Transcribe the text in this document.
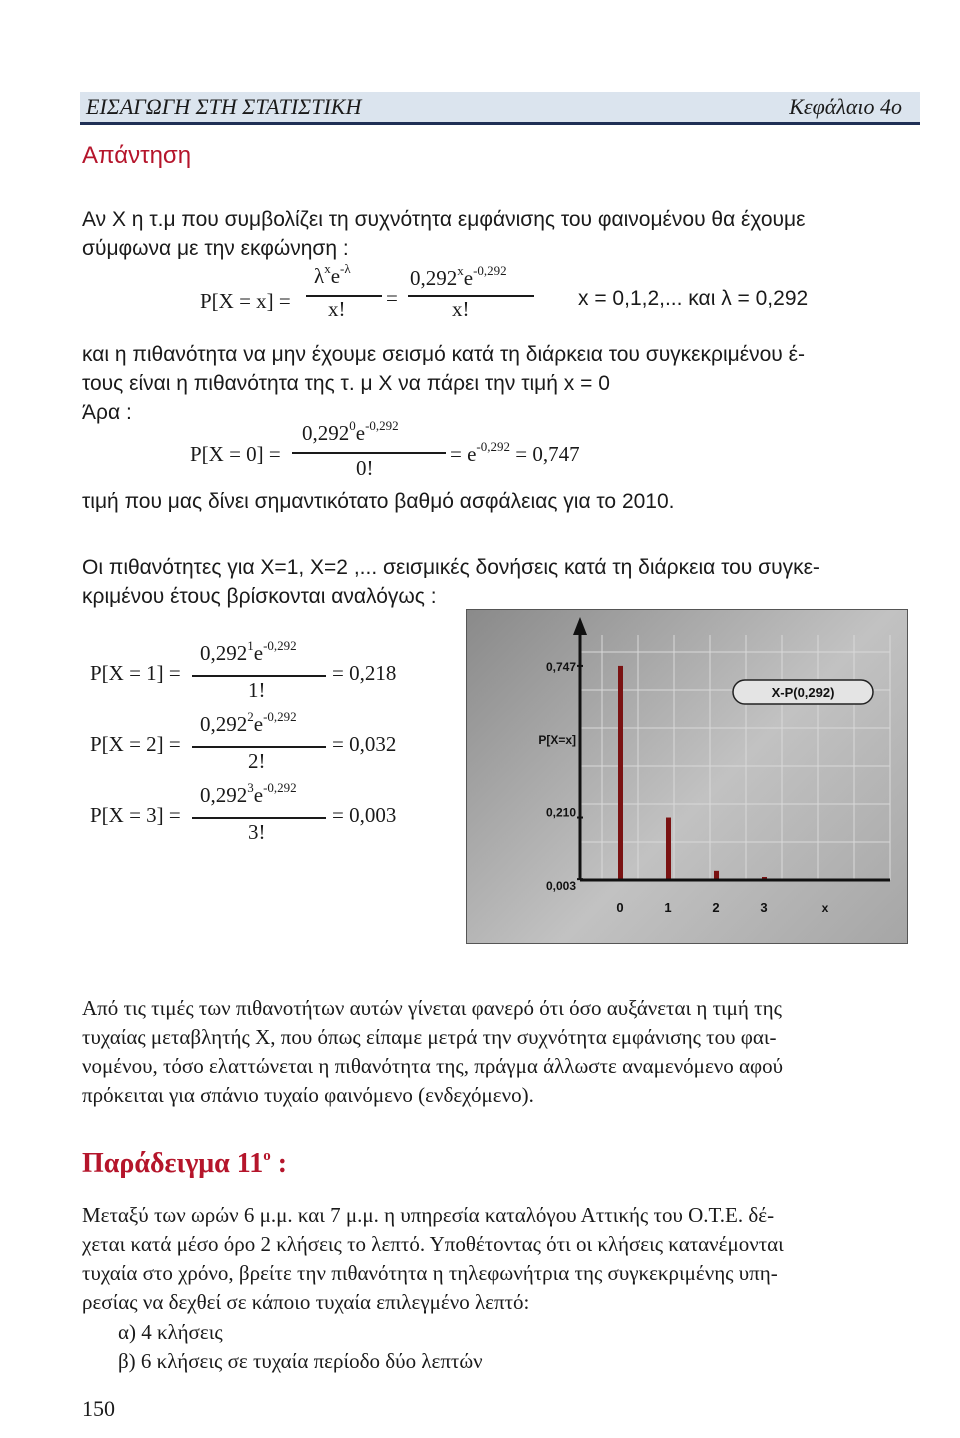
ΕΙΣΑΓΩΓΗ ΣΤΗ ΣΤΑΤΙΣΤΙΚΗ	Κεφάλαιο 4ο
Απάντηση
Αν X η τ.μ που συμβολίζει τη συχνότητα εμφάνισης του φαινομένου θα έχουμε
σύμφωνα με την εκφώνηση :
P[X = x] =
$\lambda^xe^{-\lambda}$
x! =
$0,292^xe^{-0,292}$
x!	x = 0,1,2,... και λ = 0,292
και η πιθανότητα να μην έχουμε σεισμό κατά τη διάρκεια του συγκεκριμένου έ-
τους είναι η πιθανότητα της τ. μ X να πάρει την τιμή x = 0
Άρα :
P[X = 0] =
$0,292^0e^{-0,292}$
0!
= $e^{-0,292} = 0,747$
τιμή που μας δίνει σημαντικότατο βαθμό ασφάλειας για το 2010.
Οι πιθανότητες για X=1, X=2 ,... σεισμικές δονήσεις κατά τη διάρκεια του συγκε-
κριμένου έτους βρίσκονται αναλόγως :
P[X = 1] =
$0,292^1e^{-0,292}$
1!
= 0,218
P[X = 2] =
$0,292^2e^{-0,292}$
2!
= 0,032
P[X = 3] =
$0,292^3e^{-0,292}$
3!
= 0,003
0	1	2	3	x
0,747
0,210
0,003
P[X=x]
X-P(0,292)
Από τις τιμές των πιθανοτήτων αυτών γίνεται φανερό ότι όσο αυξάνεται η τιμή της
τυχαίας μεταβλητής X, που όπως είπαμε μετρά την συχνότητα εμφάνισης του φαι-
νομένου, τόσο ελαττώνεται η πιθανότητα της, πράγμα άλλωστε αναμενόμενο αφού
πρόκειται για σπάνιο τυχαίο φαινόμενο (ενδεχόμενο).
Παράδειγμα $11^o$ :
Μεταξύ των ωρών 6 μ.μ. και 7 μ.μ. η υπηρεσία καταλόγου Αττικής του Ο.Τ.Ε. δέ-
χεται κατά μέσο όρο 2 κλήσεις το λεπτό. Υποθέτοντας ότι οι κλήσεις κατανέμονται
τυχαία στο χρόνο, βρείτε την πιθανότητα η τηλεφωνήτρια της συγκεκριμένης υπη-
ρεσίας να δεχθεί σε κάποιο τυχαία επιλεγμένο λεπτό:
α) 4 κλήσεις
β) 6 κλήσεις σε τυχαία περίοδο δύο λεπτών
150
